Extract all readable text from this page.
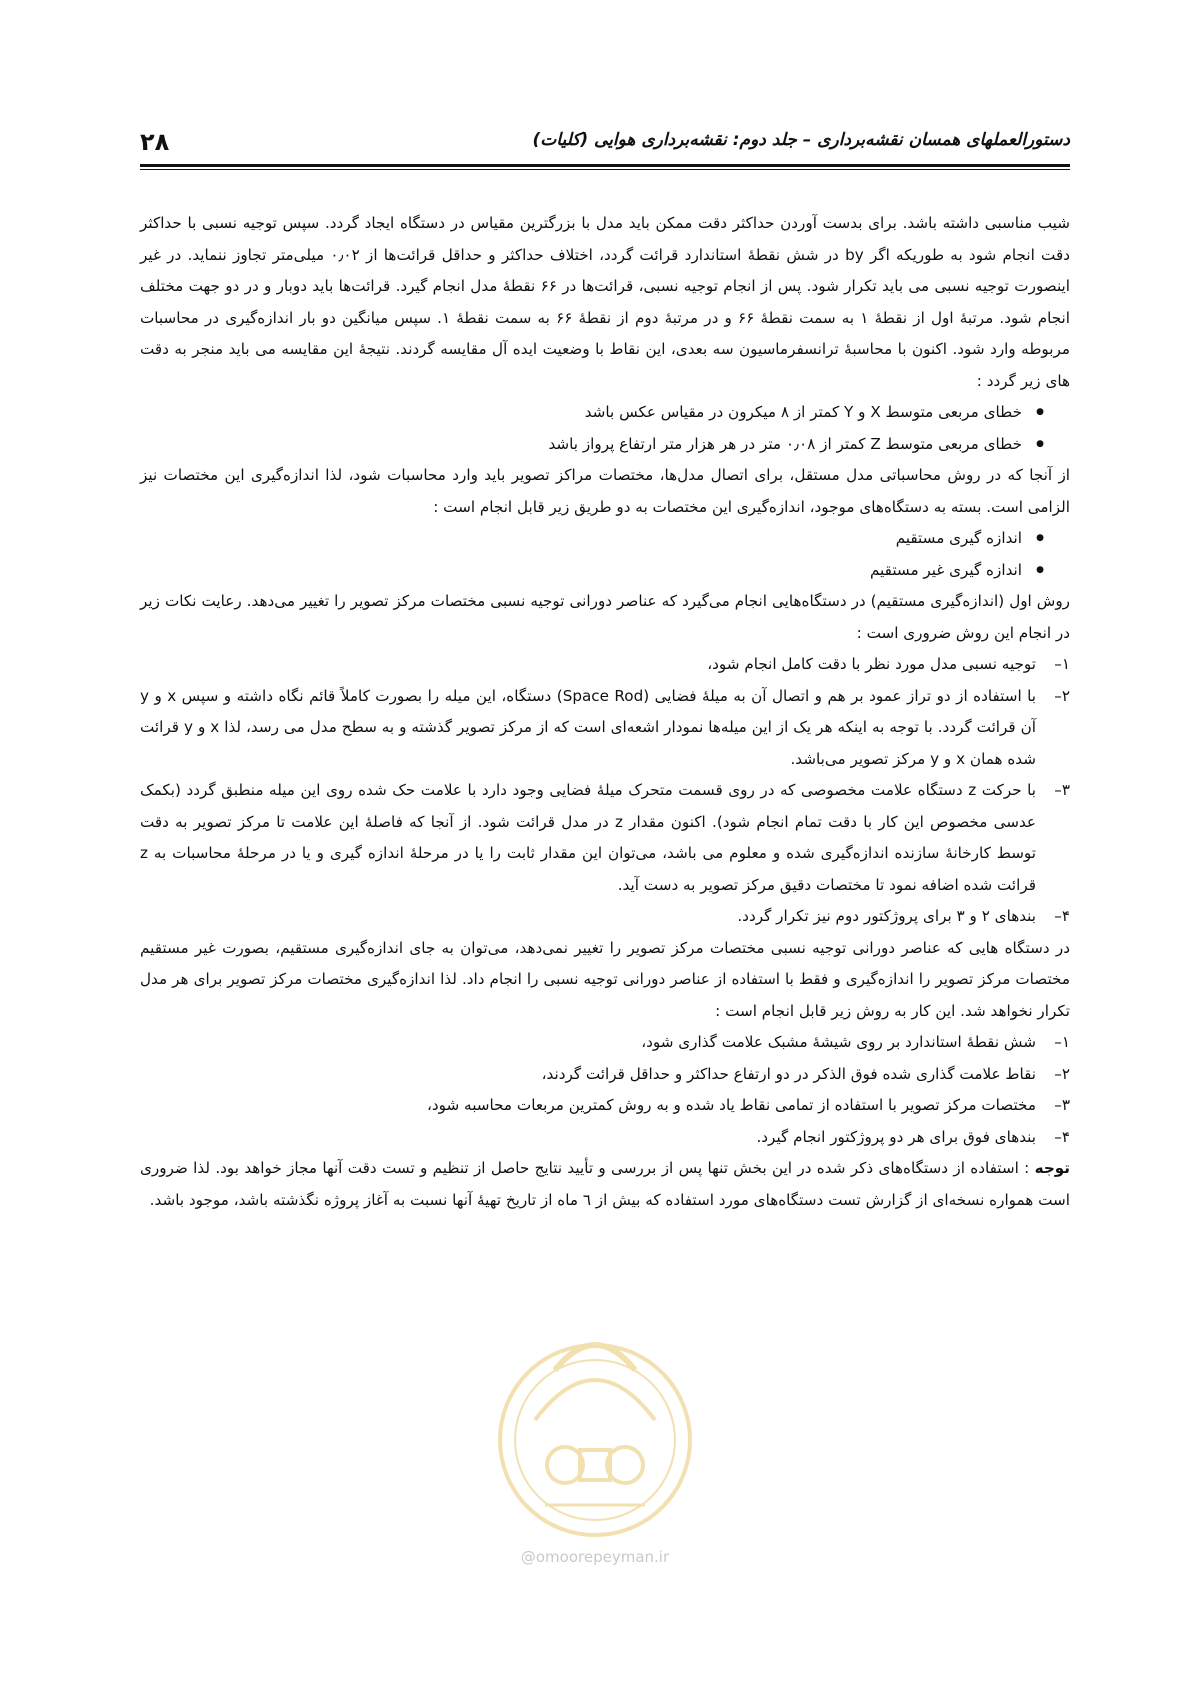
۲۸	دستورالعملهای همسان نقشه‌برداری – جلد دوم: نقشه‌برداری هوایی (کلیات)
@omoorepeyman.ir

شیب مناسبی داشته باشد. برای بدست آوردن حداکثر دقت ممکن باید مدل با بزرگترین مقیاس در دستگاه ایجاد گردد. سپس توجیه نسبی با حداکثر دقت انجام شود به طوریکه اگر by در شش نقطهٔ استاندارد قرائت گردد، اختلاف حداکثر و حداقل قرائت‌ها از ۰٫۰۲ میلی‌متر تجاوز ننماید. در غیر اینصورت توجیه نسبی می باید تکرار شود. پس از انجام توجیه نسبی، قرائت‌ها در ۶۶ نقطهٔ مدل انجام گیرد. قرائت‌ها باید دوبار و در دو جهت مختلف انجام شود. مرتبهٔ اول از نقطهٔ ۱ به سمت نقطهٔ ۶۶ و در مرتبهٔ دوم از نقطهٔ ۶۶ به سمت نقطهٔ ۱. سپس میانگین دو بار اندازه‌گیری در محاسبات مربوطه وارد شود. اکنون با محاسبهٔ ترانسفرماسیون سه بعدی، این نقاط با وضعیت ایده آل مقایسه گردند. نتیجهٔ این مقایسه می باید منجر به دقت های زیر گردد :

● خطای مربعی متوسط X و Y کمتر از ۸ میکرون در مقیاس عکس باشد
● خطای مربعی متوسط Z کمتر از ۰٫۰۸ متر در هر هزار متر ارتفاع پرواز باشد

از آنجا که در روش محاسباتی مدل مستقل، برای اتصال مدل‌ها، مختصات مراکز تصویر باید وارد محاسبات شود، لذا اندازه‌گیری این مختصات نیز الزامی است. بسته به دستگاه‌های موجود، اندازه‌گیری این مختصات به دو طریق زیر قابل انجام است :

● اندازه گیری مستقیم
● اندازه گیری غیر مستقیم

روش اول (اندازه‌گیری مستقیم) در دستگاه‌هایی انجام می‌گیرد که عناصر دورانی توجیه نسبی مختصات مرکز تصویر را تغییر می‌دهد. رعایت نکات زیر در انجام این روش ضروری است :

۱–
توجیه نسبی مدل مورد نظر با دقت کامل انجام شود،
۲–
با استفاده از دو تراز عمود بر هم و اتصال آن به میلهٔ فضایی (Space Rod) دستگاه، این میله را بصورت کاملاً قائم نگاه داشته و سپس x و y آن قرائت گردد. با توجه به اینکه هر یک از این میله‌ها نمودار اشعه‌ای است که از مرکز تصویر گذشته و به سطح مدل می رسد، لذا x و y قرائت شده همان x و y مرکز تصویر می‌باشد.
۳–
با حرکت z دستگاه علامت مخصوصی که در روی قسمت متحرک میلهٔ فضایی وجود دارد با علامت حک شده روی این میله منطبق گردد (بکمک عدسی مخصوص این کار با دقت تمام انجام شود). اکنون مقدار z در مدل قرائت شود. از آنجا که فاصلهٔ این علامت تا مرکز تصویر به دقت توسط کارخانهٔ سازنده اندازه‌گیری شده و معلوم می باشد، می‌توان این مقدار ثابت را یا در مرحلهٔ اندازه گیری و یا در مرحلهٔ محاسبات به z قرائت شده اضافه نمود تا مختصات دقیق مرکز تصویر به دست آید.
۴–
بندهای ۲ و ۳ برای پروژکتور دوم نیز تکرار گردد.

در دستگاه هایی که عناصر دورانی توجیه نسبی مختصات مرکز تصویر را تغییر نمی‌دهد، می‌توان به جای اندازه‌گیری مستقیم، بصورت غیر مستقیم مختصات مرکز تصویر را اندازه‌گیری و فقط با استفاده از عناصر دورانی توجیه نسبی را انجام داد. لذا اندازه‌گیری مختصات مرکز تصویر برای هر مدل تکرار نخواهد شد. این کار به روش زیر قابل انجام است :

۱–
شش نقطهٔ استاندارد بر روی شیشهٔ مشبک علامت گذاری شود،
۲–
نقاط علامت گذاری شده فوق الذکر در دو ارتفاع حداکثر و حداقل قرائت گردند،
۳–
مختصات مرکز تصویر با استفاده از تمامی نقاط یاد شده و به روش کمترین مربعات محاسبه شود،
۴–
بندهای فوق برای هر دو پروژکتور انجام گیرد.

توجه : استفاده از دستگاه‌های ذکر شده در این بخش تنها پس از بررسی و تأیید نتایج حاصل از تنظیم و تست دقت آنها مجاز خواهد بود. لذا ضروری است همواره نسخه‌ای از گزارش تست دستگاه‌های مورد استفاده که بیش از ٦ ماه از تاریخ تهیهٔ آنها نسبت به آغاز پروژه نگذشته باشد، موجود باشد.
